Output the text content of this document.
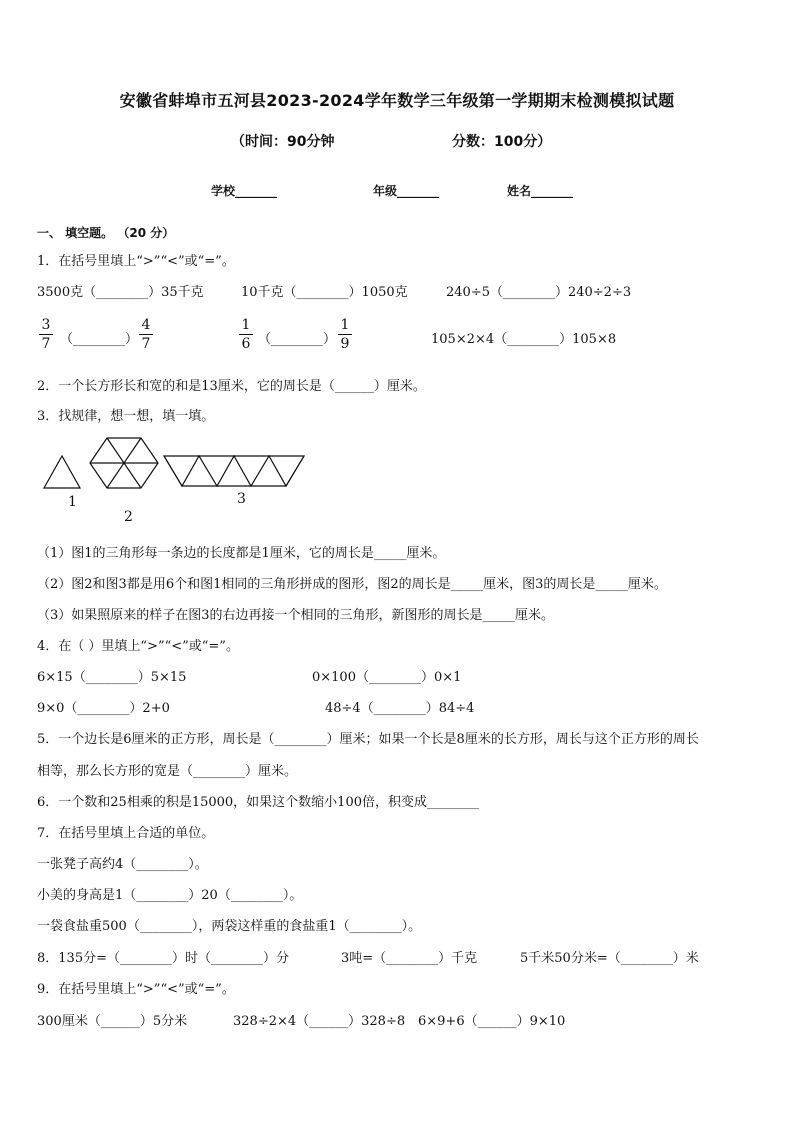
安徽省蚌埠市五河县2023-2024学年数学三年级第一学期期末检测模拟试题
（时间：90分钟	分数：100分）
学校_______	年级_______	姓名_______
一、 填空题。 （20 分）
1．在括号里填上“>”“<”或“=”。
3500克（________）35千克	10千克（________）1050克	240÷5（________）240÷2÷3
3
7 （________）
4
7
1
6 （________）
1
9	105×2×4（________）105×8
2．一个长方形长和宽的和是13厘米，它的周长是（______）厘米。
3．找规律，想一想，填一填。
1
2
3
（1）图1的三角形每一条边的长度都是1厘米，它的周长是_____厘米。
（2）图2和图3都是用6个和图1相同的三角形拼成的图形，图2的周长是_____厘米，图3的周长是_____厘米。
（3）如果照原来的样子在图3的右边再接一个相同的三角形，新图形的周长是_____厘米。
4．在（ ）里填上“>”“<”或“=”。
6×15（________）5×15	0×100（________）0×1
9×0（________）2+0	48÷4（________）84÷4
5．一个边长是6厘米的正方形，周长是（________）厘米；如果一个长是8厘米的长方形，周长与这个正方形的周长
相等，那么长方形的宽是（________）厘米。
6．一个数和25相乘的积是15000，如果这个数缩小100倍，积变成________
7．在括号里填上合适的单位。
一张凳子高约4（________）。
小美的身高是1（________）20（________）。
一袋食盐重500（________），两袋这样重的食盐重1（________）。
8．135分=（________）时（________）分	3吨=（________）千克	5千米50分米=（________）米
9．在括号里填上“>”“<”或“=”。
300厘米（______）5分米	328÷2×4（______）328÷8 6×9+6（______）9×10
